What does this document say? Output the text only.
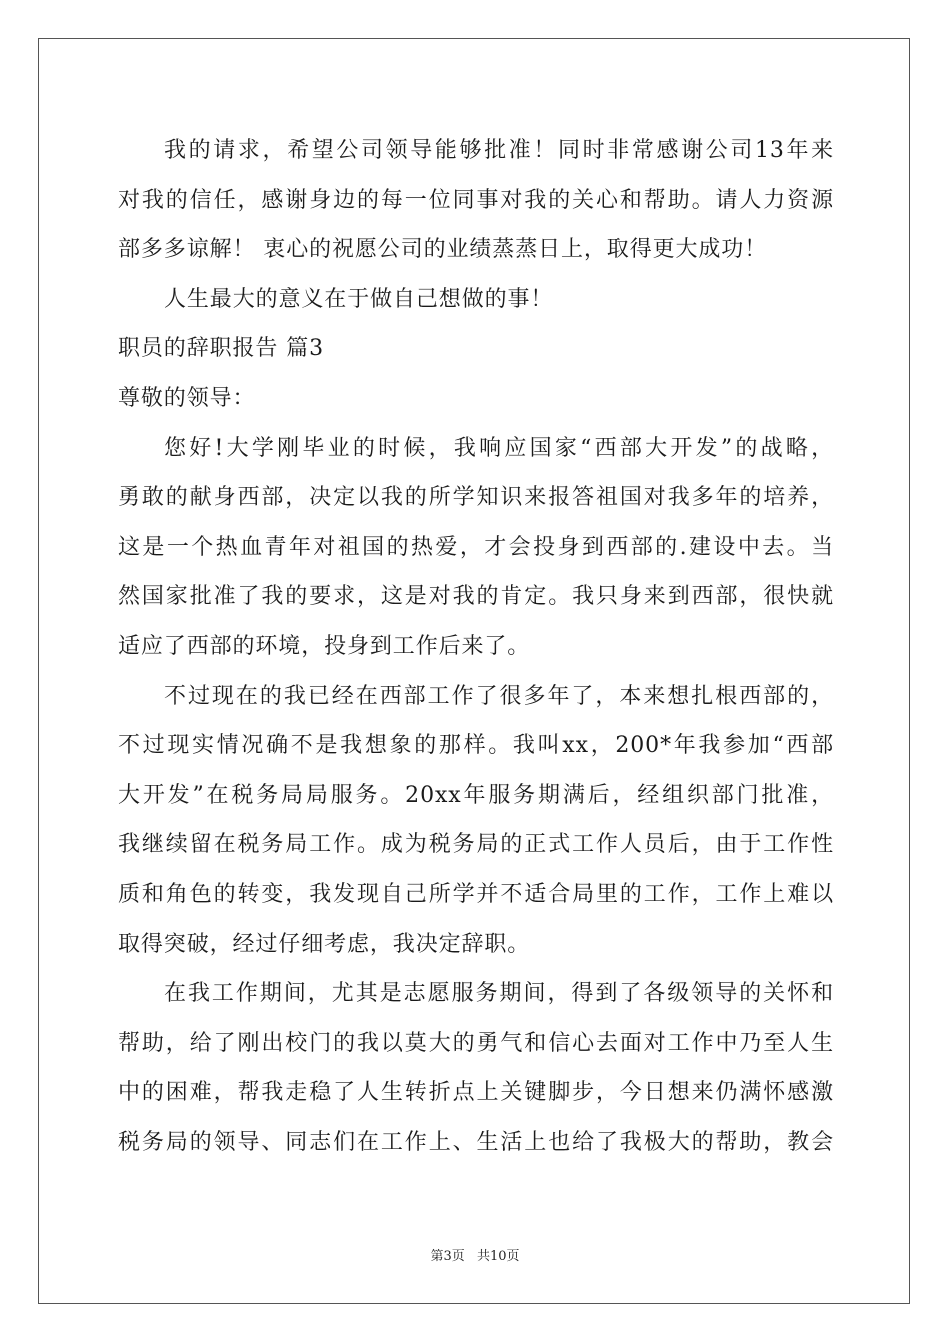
我的请求，希望公司领导能够批准！同时非常感谢公司13年来
对我的信任，感谢身边的每一位同事对我的关心和帮助。请人力资源
部多多谅解！ 衷心的祝愿公司的业绩蒸蒸日上，取得更大成功！
人生最大的意义在于做自己想做的事！
职员的辞职报告 篇3
尊敬的领导：
您好!大学刚毕业的时候，我响应国家“西部大开发”的战略，
勇敢的献身西部，决定以我的所学知识来报答祖国对我多年的培养，
这是一个热血青年对祖国的热爱，才会投身到西部的.建设中去。当
然国家批准了我的要求，这是对我的肯定。我只身来到西部，很快就
适应了西部的环境，投身到工作后来了。
不过现在的我已经在西部工作了很多年了，本来想扎根西部的，
不过现实情况确不是我想象的那样。我叫xx，200*年我参加“西部
大开发”在税务局局服务。20xx年服务期满后，经组织部门批准，
我继续留在税务局工作。成为税务局的正式工作人员后，由于工作性
质和角色的转变，我发现自己所学并不适合局里的工作，工作上难以
取得突破，经过仔细考虑，我决定辞职。
在我工作期间，尤其是志愿服务期间，得到了各级领导的关怀和
帮助，给了刚出校门的我以莫大的勇气和信心去面对工作中乃至人生
中的困难，帮我走稳了人生转折点上关键脚步，今日想来仍满怀感激
税务局的领导、同志们在工作上、生活上也给了我极大的帮助，教会
第3页 共10页
